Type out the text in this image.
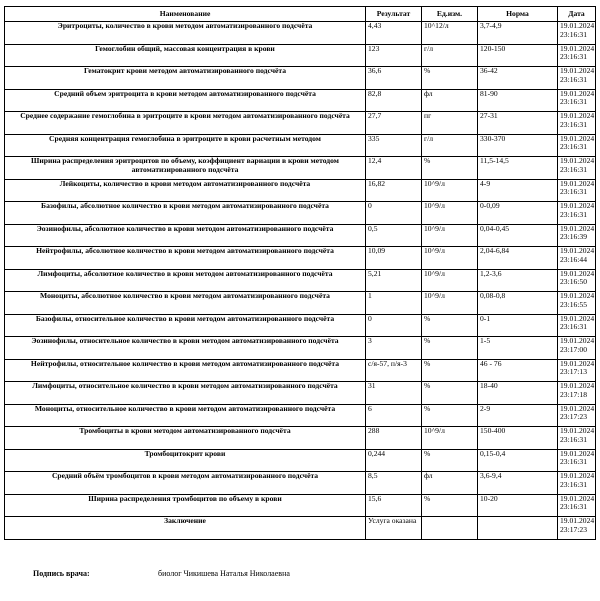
Наименование	Результат	Ед.изм.	Норма	Дата
Эритроциты, количество в крови методом автоматизированного подсчёта	4,43	10^12/л	3,7-4,9	19.01.2024
23:16:31

Гемоглобин общий, массовая концентрация в крови	123	г/л	120-150	19.01.2024
23:16:31

Гематокрит крови методом автоматизированного подсчёта	36,6	%	36-42	19.01.2024
23:16:31

Средний объем эритроцита в крови методом автоматизированного подсчёта	82,8	фл	81-90	19.01.2024
23:16:31

Среднее содержание гемоглобина в эритроците в крови методом автоматизированного подсчёта	27,7	пг	27-31	19.01.2024
23:16:31

Средняя концентрация гемоглобина в эритроците в крови расчетным методом	335	г/л	330-370	19.01.2024
23:16:31

Ширина распределения эритроцитов по объему, коэффициент вариации в крови методом автоматизированного подсчёта	12,4	%	11,5-14,5	19.01.2024
23:16:31

Лейкоциты, количество в крови методом автоматизированного подсчёта	16,82	10^9/л	4-9	19.01.2024
23:16:31

Базофилы, абсолютное количество в крови методом автоматизированного подсчёта	0	10^9/л	0-0,09	19.01.2024
23:16:31

Эозинофилы, абсолютное количество в крови методом автоматизированного подсчёта	0,5	10^9/л	0,04-0,45	19.01.2024
23:16:39

Нейтрофилы, абсолютное количество в крови методом автоматизированного подсчёта	10,09	10^9/л	2,04-6,84	19.01.2024
23:16:44

Лимфоциты, абсолютное количество в крови методом автоматизированного подсчёта	5,21	10^9/л	1,2-3,6	19.01.2024
23:16:50

Моноциты, абсолютное количество в крови методом автоматизированного подсчёта	1	10^9/л	0,08-0,8	19.01.2024
23:16:55

Базофилы, относительное количество в крови методом автоматизированного подсчёта	0	%	0-1	19.01.2024
23:16:31

Эозинофилы, относительное количество в крови методом автоматизированного подсчёта	3	%	1-5	19.01.2024
23:17:00

Нейтрофилы, относительное количество в крови методом автоматизированного подсчёта	с/я-57, п/я-3	%	46 - 76	19.01.2024
23:17:13

Лимфоциты, относительное количество в крови методом автоматизированного подсчёта	31	%	18-40	19.01.2024
23:17:18

Моноциты, относительное количество в крови методом автоматизированного подсчёта	6	%	2-9	19.01.2024
23:17:23

Тромбоциты в крови методом автоматизированного подсчёта	288	10^9/л	150-400	19.01.2024
23:16:31

Тромбоцитокрит крови	0,244	%	0,15-0,4	19.01.2024
23:16:31

Средний объём тромбоцитов в крови методом автоматизированного подсчёта	8,5	фл	3,6-9,4	19.01.2024
23:16:31

Ширина распределения тромбоцитов по объему в крови	15,6	%	10-20	19.01.2024
23:16:31

Заключение	Услуга оказана			19.01.2024
23:17:23
Подпись врача:	биолог Чикишева Наталья Николаевна
